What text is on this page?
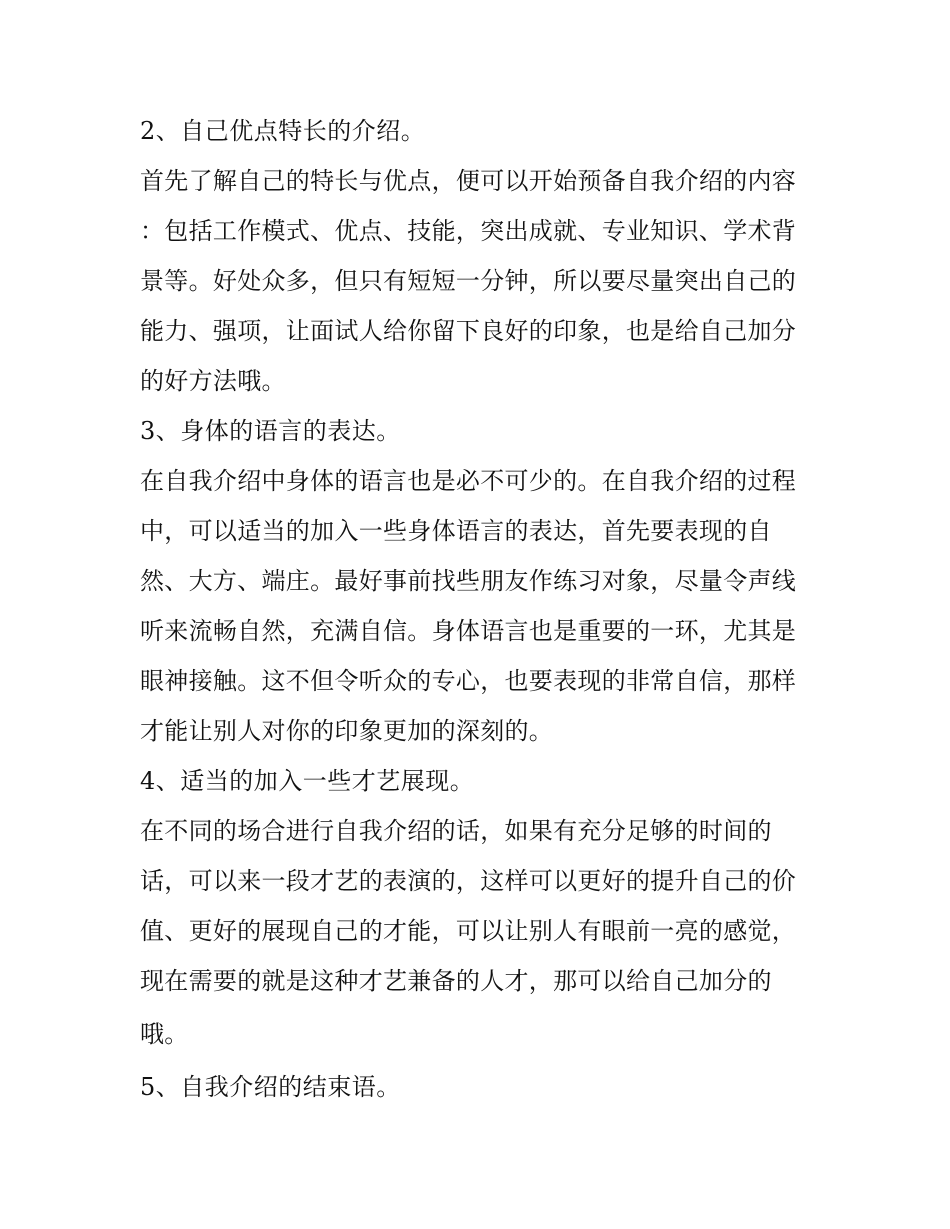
2、自己优点特长的介绍。

首先了解自己的特长与优点，便可以开始预备自我介绍的内容

：包括工作模式、优点、技能，突出成就、专业知识、学术背

景等。好处众多，但只有短短一分钟，所以要尽量突出自己的

能力、强项，让面试人给你留下良好的印象，也是给自己加分

的好方法哦。

3、身体的语言的表达。

在自我介绍中身体的语言也是必不可少的。在自我介绍的过程

中，可以适当的加入一些身体语言的表达，首先要表现的自

然、大方、端庄。最好事前找些朋友作练习对象，尽量令声线

听来流畅自然，充满自信。身体语言也是重要的一环，尤其是

眼神接触。这不但令听众的专心，也要表现的非常自信，那样

才能让别人对你的印象更加的深刻的。

4、适当的加入一些才艺展现。

在不同的场合进行自我介绍的话，如果有充分足够的时间的

话，可以来一段才艺的表演的，这样可以更好的提升自己的价

值、更好的展现自己的才能，可以让别人有眼前一亮的感觉，

现在需要的就是这种才艺兼备的人才，那可以给自己加分的

哦。

5、自我介绍的结束语。
